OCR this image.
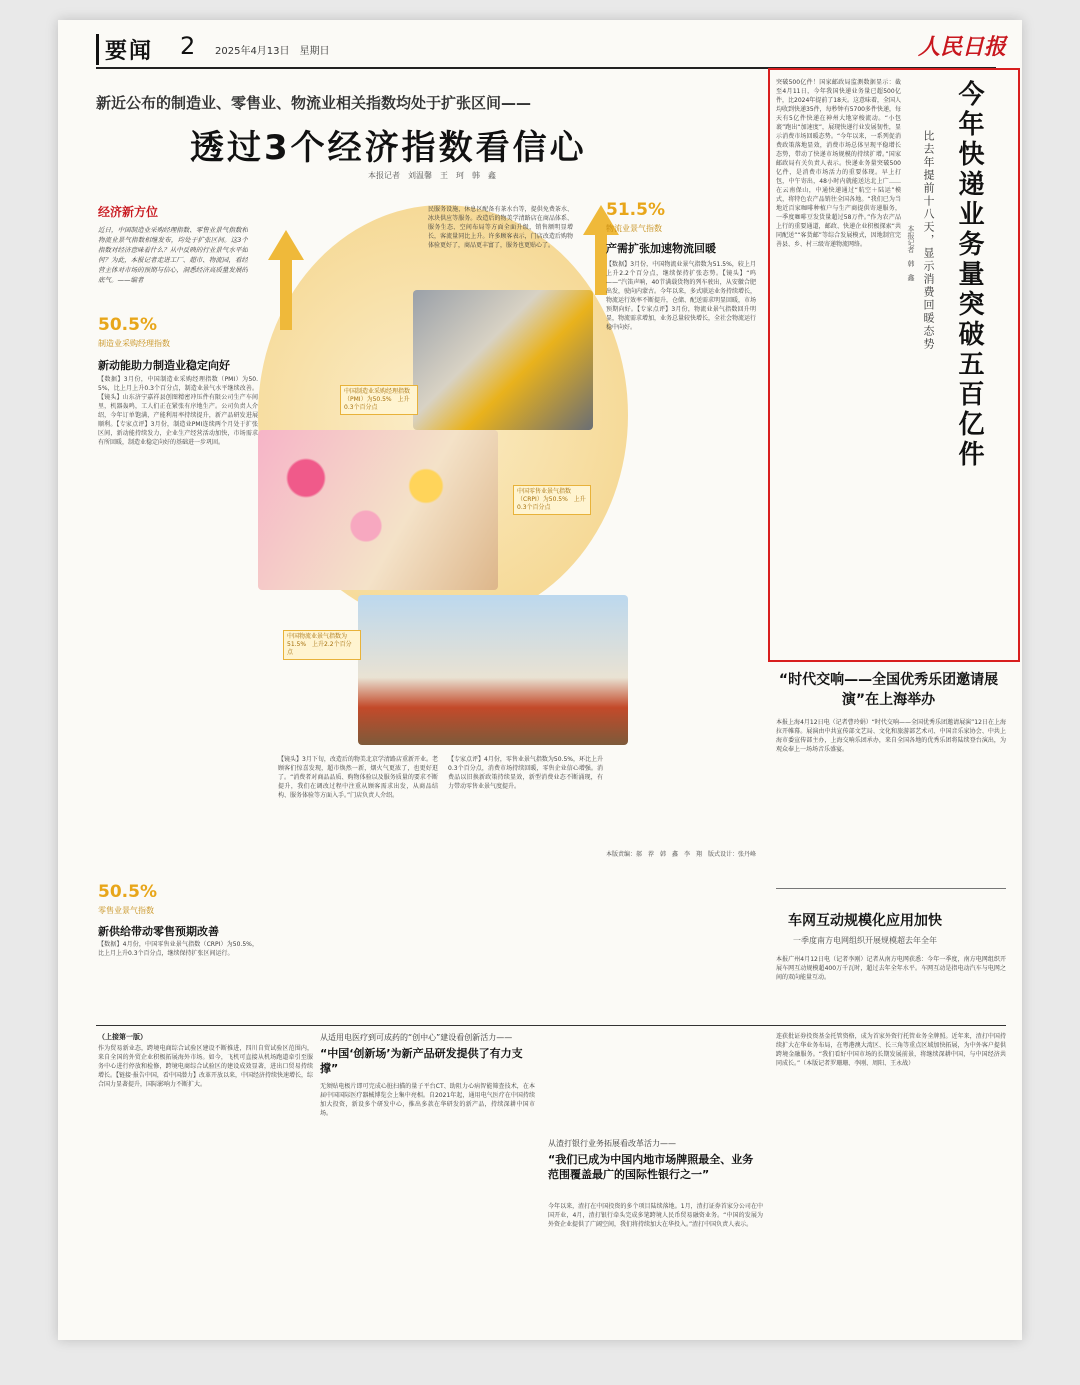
要闻 2 2025年4月13日　星期日	人民日报
新近公布的制造业、零售业、物流业相关指数均处于扩张区间——
透过3个经济指数看信心
本报记者　刘温馨　王　珂　韩　鑫
经济新方位
近日，中国制造业采购经理指数、零售业景气指数和物流业景气指数相继发布，均处于扩张区间。这3个指数对经济意味着什么？从中反映的行业景气水平如何？为此，本报记者走进工厂、超市、物流园，看经营主体对市场的预期与信心，洞悉经济高质量发展的底气。——编者
50.5%
制造业采购经理指数
新动能助力制造业稳定向好
【数据】3月份，中国制造业采购经理指数（PMI）为50.5%，比上月上升0.3个百分点，制造业景气水平继续改善。【镜头】山东济宁嘉祥县创图精密冲压件有限公司生产车间里，机器轰鸣，工人们正在紧张有序地生产。公司负责人介绍，今年订单饱满，产能利用率持续提升，新产品研发进展顺利。【专家点评】3月份，制造业PMI连续两个月处于扩张区间，新动能持续发力，企业生产经营活动加快，市场需求有所回暖，制造业稳定向好的基础进一步巩固。
50.5%
零售业景气指数
新供给带动零售预期改善
【数据】4月份，中国零售业景气指数（CRPI）为50.5%，比上月上升0.3个百分点，继续保持扩张区间运行。
中国制造业采购经理指数（PMI）为50.5%　上升0.3个百分点
中国零售业景气指数（CRPI）为50.5%　上升0.3个百分点
中国物流业景气指数为51.5%　上升2.2个百分点
民服务设施，休息区配备有茶水台等，提供免费茶水、冰块供应等服务。改造后的物美学清路店在商品体系、服务生态、空间布局等方面全面升级，销售额明显增长，客流量同比上升。许多顾客表示，门店改造后购物体验更好了，商品更丰富了，服务也更贴心了。
【镜头】3月下旬，改造后的物美北京学清路店重新开业。老顾客们惊喜发现，超市焕然一新，烟火气更浓了，也更好逛了。“消费者对商品品质、购物体验以及服务质量的要求不断提升，我们在调改过程中注重从顾客需求出发，从商品结构、服务体验等方面入手。”门店负责人介绍。
【专家点评】4月份，零售业景气指数为50.5%，环比上升0.3个百分点，消费市场持续回暖，零售企业信心增强。消费品以旧换新政策持续显效，新型消费业态不断涌现，有力带动零售业景气度提升。
51.5%
物流业景气指数
产需扩张加速物流回暖
【数据】3月份，中国物流业景气指数为51.5%，较上月上升2.2个百分点，继续保持扩张态势。【镜头】“呜——”汽笛声响，40节满载货物的列车驶出，从安徽合肥出发，驶向内蒙古。今年以来，多式联运业务持续增长，物流运行效率不断提升，仓储、配送需求明显回暖，市场预期向好。【专家点评】3月份，物流业景气指数回升明显，物流需求增加，业务总量较快增长，全社会物流运行稳中向好。
本版责编：郝　荐　韩　鑫　李　翔　版式设计：张丹峰
今年快递业务量突破五百亿件
比去年提前十八天，显示消费回暖态势
本报记者　韩　鑫
突破500亿件！国家邮政局监测数据显示：截至4月11日，今年我国快递业务量已超500亿件，比2024年提前了18天。这意味着，全国人均收到快递35件，每秒钟有5700多件快递，每天有5亿件快递在神州大地穿梭流动。“小包裹”跑出“加速度”，展现快递行业发展韧性，显示消费市场回暖态势。“今年以来，一系列促消费政策落地显效，消费市场总体呈现平稳增长态势，带动了快递市场规模的持续扩增。”国家邮政局有关负责人表示。快递业务量突破500亿件，是消费市场活力的重要体现。早上打包，中午寄出，48小时内就能送达北上广……在云南保山，中通快递通过“航空＋陆运”模式，将特色农产品销往全国各地。“我们已为当地近百家咖啡种植户与生产商提供寄递服务，一季度咖啡豆发货量超过58万件。”作为农产品上行的重要通道，邮政、快递企业积极探索“共同配送”“客货邮”等综合发展模式，因地制宜完善县、乡、村三级寄递物流网络。
“时代交响——全国优秀乐团邀请展演”在上海举办
本报上海4月12日电（记者曹玲娟）“时代交响——全国优秀乐团邀请展演”12日在上海拉开帷幕。展演由中共宣传部文艺局、文化和旅游部艺术司、中国音乐家协会、中共上海市委宣传部主办，上海交响乐团承办，来自全国各地的优秀乐团将陆续登台演出，为观众奉上一场场音乐盛宴。
车网互动规模化应用加快
一季度南方电网组织开展规模超去年全年
本报广州4月12日电（记者李刚）记者从南方电网获悉：今年一季度，南方电网组织开展车网互动规模超400万千瓦时，超过去年全年水平。车网互动是指电动汽车与电网之间的双向能量互动。
（上接第一版）
作为贸易新业态，跨境电商综合试验区建设不断推进，四川自贸试验区范围内，来自全国的外贸企业积极拓展海外市场。如今，飞机可直接从机场跑道牵引至服务中心进行停放和检修，跨境电商综合试验区的建设成效显著，进出口贸易持续增长。【链接·报告中国，看中国潜力】改革开放以来，中国经济持续快速增长，综合国力显著提升，国际影响力不断扩大。
从适用电医疗到可成药的“创中心”建设看创新活力——
“中国‘创新场’为新产品研发提供了有力支撑”
无须贴电极片即可完成心脏扫描的量子平台CT、助阻力心病智能筛查技术，在本届中国国际医疗器械博览会上集中亮相。自2021年起，通用电气医疗在中国持续加大投资，新设多个研发中心，推出多款在华研发的新产品，持续深耕中国市场。
从渣打银行业务拓展看改革活力——
“我们已成为中国内地市场牌照最全、业务范围覆盖最广的国际性银行之一”
今年以来，渣打在中国投资的多个项目陆续落地。1月，渣打证券首家分公司在中国开业，4月，渣打银行牵头完成多笔跨境人民币贸易融资业务。“中国的发展为外资企业提供了广阔空间，我们将持续加大在华投入。”渣打中国负责人表示。
连获批证券投资基金托管资格，成为首家外资行托管业务全牌照。近年来，渣打中国持续扩大在华业务布局，在粤港澳大湾区、长三角等重点区域加快拓展，为中外客户提供跨境金融服务。“我们看好中国市场的长期发展前景，将继续深耕中国，与中国经济共同成长。”（本版记者罗珊珊、李刚、周阳、王永战）
